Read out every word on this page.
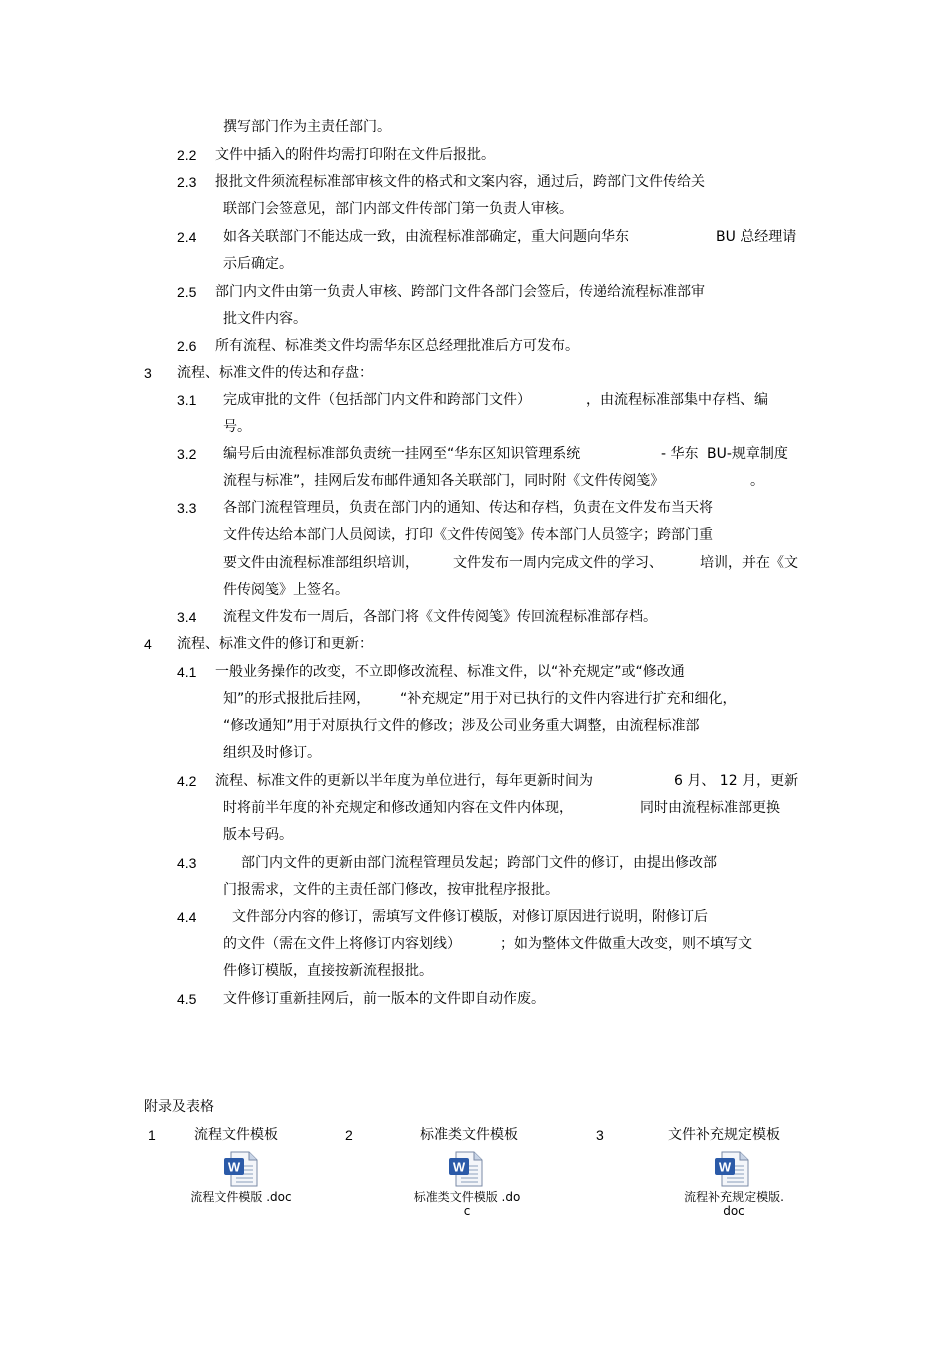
撰写部门作为主责任部门。
2.2 文件中插入的附件均需打印附在文件后报批。
2.3 报批文件须流程标准部审核文件的格式和文案内容，通过后，跨部门文件传给关
联部门会签意见，部门内部文件传部门第一负责人审核。
2.4 如各关联部门不能达成一致，由流程标准部确定，重大问题向华东	BU 总经理请
示后确定。
2.5 部门内文件由第一负责人审核、跨部门文件各部门会签后，传递给流程标准部审
批文件内容。
2.6 所有流程、标准类文件均需华东区总经理批准后方可发布。
3 流程、标准文件的传达和存盘：
3.1 完成审批的文件（包括部门内文件和跨部门文件）	，由流程标准部集中存档、编
号。
3.2 编号后由流程标准部负责统一挂网至“华东区知识管理系统	- 华东 BU-规章制度
流程与标准”，挂网后发布邮件通知各关联部门，同时附《文件传阅笺》	。
3.3 各部门流程管理员，负责在部门内的通知、传达和存档，负责在文件发布当天将
文件传达给本部门人员阅读，打印《文件传阅笺》传本部门人员签字；跨部门重
要文件由流程标准部组织培训， 文件发布一周内完成文件的学习、	培训，并在《文
件传阅笺》上签名。
3.4 流程文件发布一周后，各部门将《文件传阅笺》传回流程标准部存档。
4 流程、标准文件的修订和更新：
4.1 一般业务操作的改变，不立即修改流程、标准文件，以“补充规定”或“修改通
知”的形式报批后挂网， “补充规定”用于对已执行的文件内容进行扩充和细化，
“修改通知”用于对原执行文件的修改；涉及公司业务重大调整，由流程标准部
组织及时修订。
4.2 流程、标准文件的更新以半年度为单位进行，每年更新时间为	6 月、 12 月，更新
时将前半年度的补充规定和修改通知内容在文件内体现，	同时由流程标准部更换
版本号码。
4.3	部门内文件的更新由部门流程管理员发起；跨部门文件的修订，由提出修改部
门报需求，文件的主责任部门修改，按审批程序报批。
4.4	文件部分内容的修订，需填写文件修订模版，对修订原因进行说明，附修订后
的文件（需在文件上将修订内容划线）	；如为整体文件做重大改变，则不填写文
件修订模版，直接按新流程报批。
4.5 文件修订重新挂网后，前一版本的文件即自动作废。
附录及表格
1	流程文件模板	2	标准类文件模板	3	文件补充规定模板
流程文件模版 .doc	标准类文件模版 .do
c
流程补充规定模版.
doc
